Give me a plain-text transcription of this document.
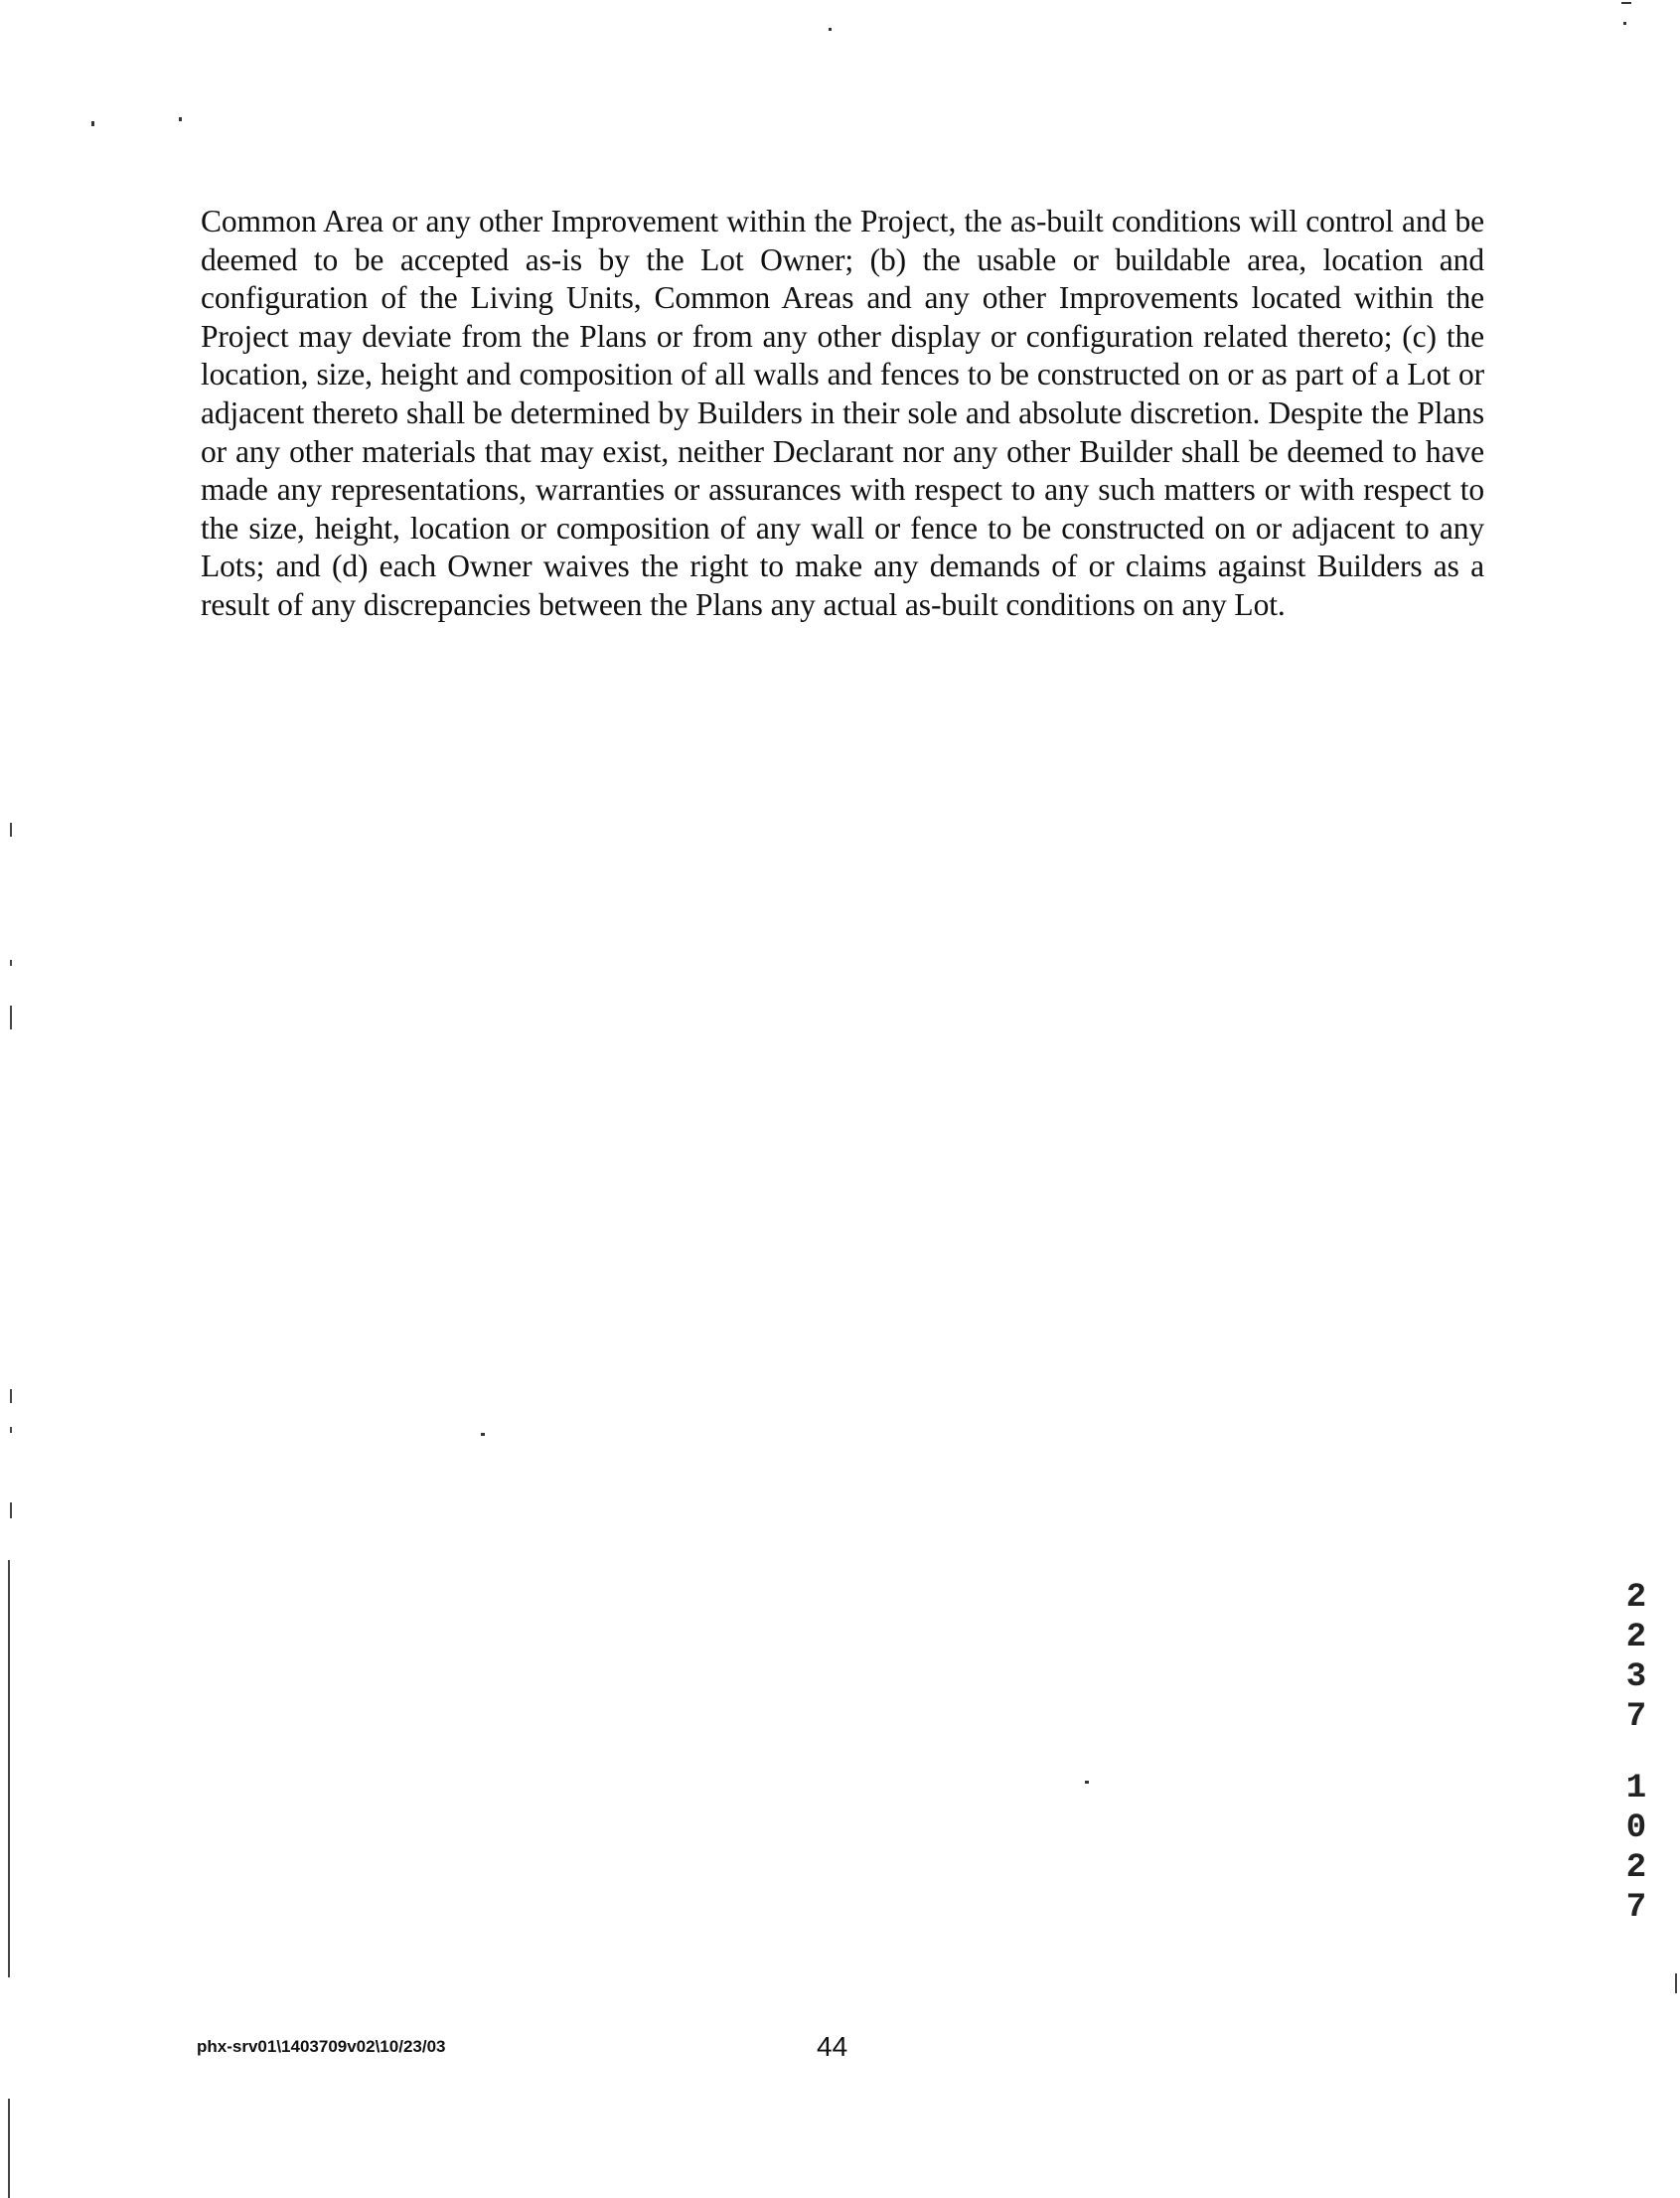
Common Area or any other Improvement within the Project, the as-built conditions will control and be deemed to be accepted as-is by the Lot Owner; (b) the usable or buildable area, location and configuration of the Living Units, Common Areas and any other Improvements located within the Project may deviate from the Plans or from any other display or configuration related thereto; (c) the location, size, height and composition of all walls and fences to be constructed on or as part of a Lot or adjacent thereto shall be determined by Builders in their sole and absolute discretion. Despite the Plans or any other materials that may exist, neither Declarant nor any other Builder shall be deemed to have made any representations, warranties or assurances with respect to any such matters or with respect to the size, height, location or composition of any wall or fence to be constructed on or adjacent to any Lots; and (d) each Owner waives the right to make any demands of or claims against Builders as a result of any discrepancies between the Plans any actual as-built conditions on any Lot.

phx-srv01\1403709v02\10/23/03	44
2
2
3
7
1
0
2
7
